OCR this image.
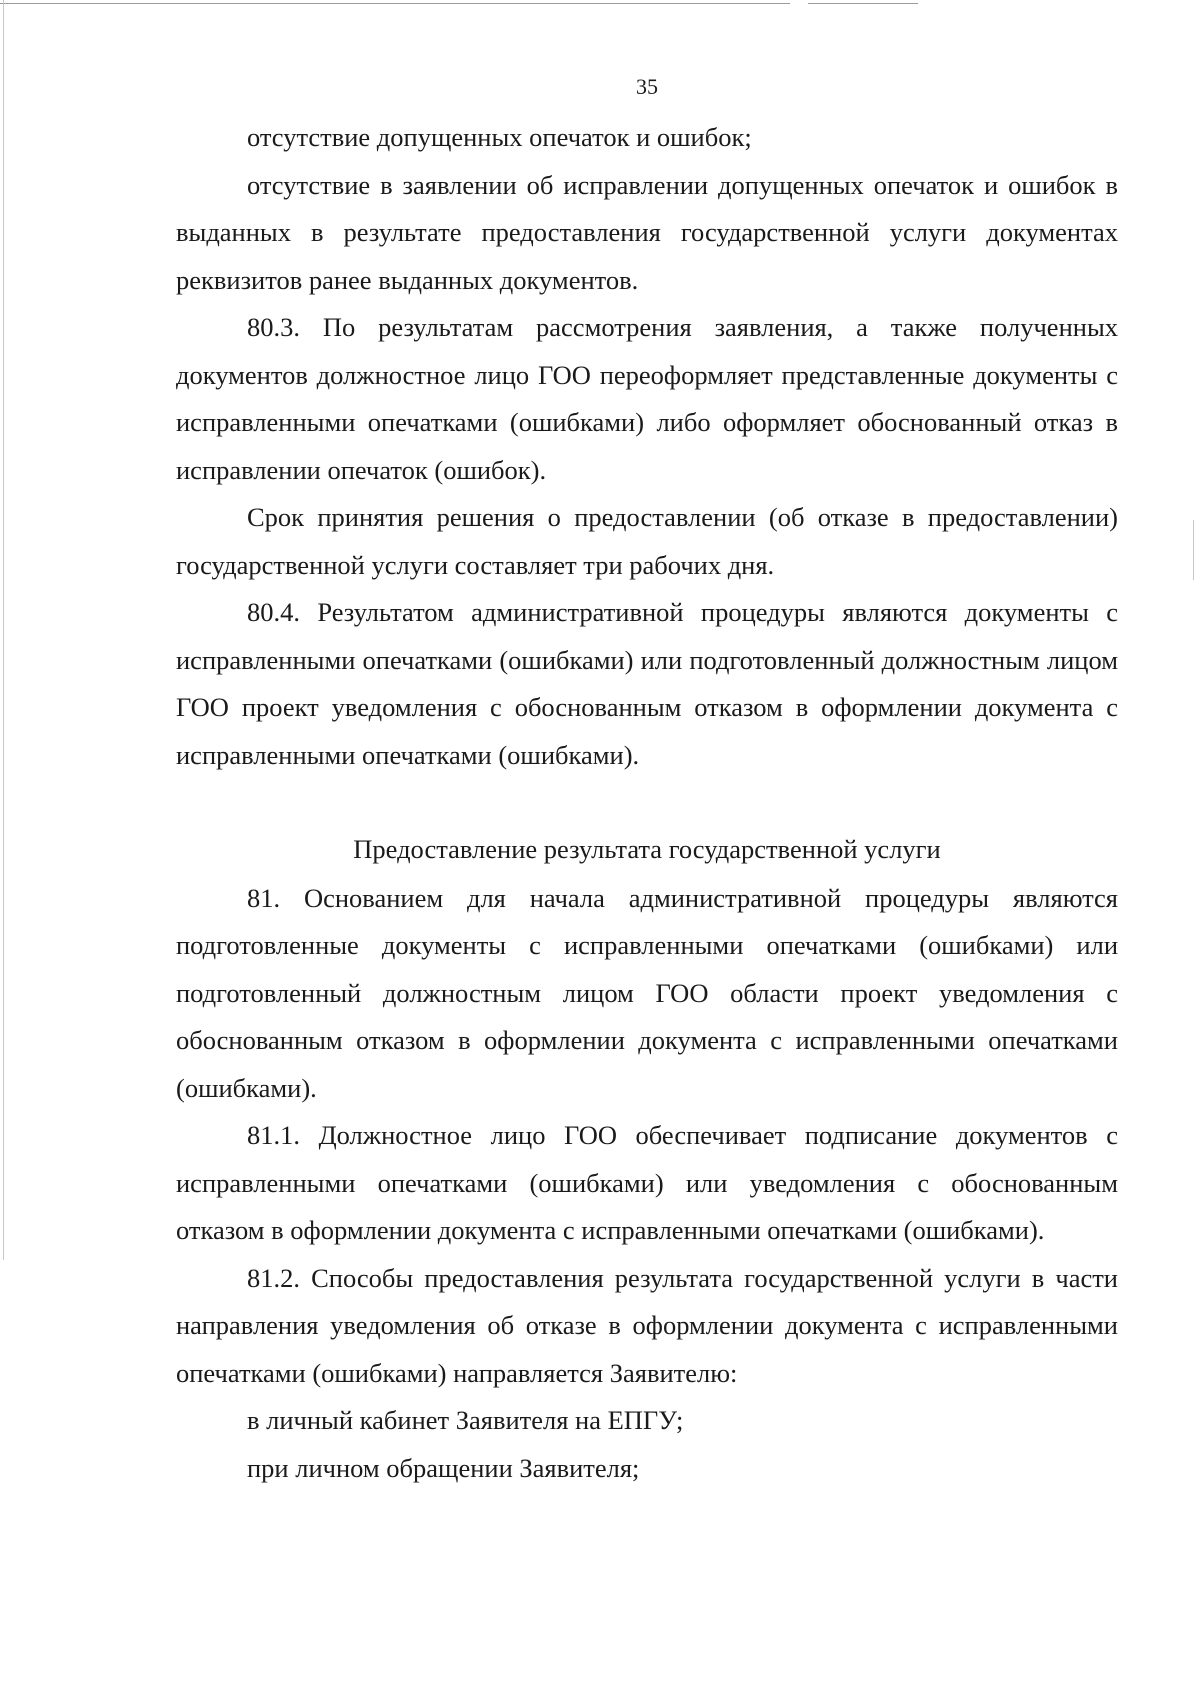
35

отсутствие допущенных опечаток и ошибок;

отсутствие в заявлении об исправлении допущенных опечаток и ошибок в выданных в результате предоставления государственной услуги документах реквизитов ранее выданных документов.

80.3. По результатам рассмотрения заявления, а также полученных документов должностное лицо ГОО переоформляет представленные документы с исправленными опечатками (ошибками) либо оформляет обоснованный отказ в исправлении опечаток (ошибок).

Срок принятия решения о предоставлении (об отказе в предоставлении) государственной услуги составляет три рабочих дня.

80.4. Результатом административной процедуры являются документы с исправленными опечатками (ошибками) или подготовленный должностным лицом ГОО проект уведомления с обоснованным отказом в оформлении документа с исправленными опечатками (ошибками).

Предоставление результата государственной услуги

81. Основанием для начала административной процедуры являются подготовленные документы с исправленными опечатками (ошибками) или подготовленный должностным лицом ГОО области проект уведомления с обоснованным отказом в оформлении документа с исправленными опечатками (ошибками).

81.1. Должностное лицо ГОО обеспечивает подписание документов с исправленными опечатками (ошибками) или уведомления с обоснованным отказом в оформлении документа с исправленными опечатками (ошибками).

81.2. Способы предоставления результата государственной услуги в части направления уведомления об отказе в оформлении документа с исправленными опечатками (ошибками) направляется Заявителю:

в личный кабинет Заявителя на ЕПГУ;

при личном обращении Заявителя;
